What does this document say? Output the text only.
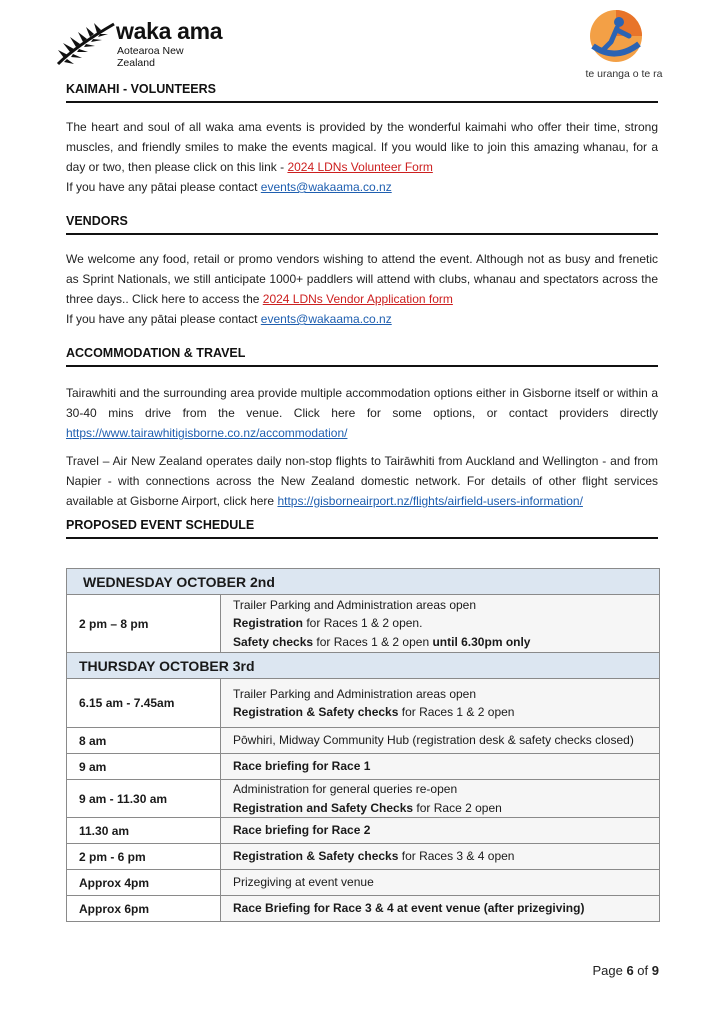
waka ama
Aotearoa New Zealand
te uranga o te ra
KAIMAHI - VOLUNTEERS

The heart and soul of all waka ama events is provided by the wonderful kaimahi who offer their time, strong muscles, and friendly smiles to make the events magical. If you would like to join this amazing whanau, for a day or two, then please click on this link - 2024 LDNs Volunteer Form
If you have any pātai please contact events@wakaama.co.nz

VENDORS

We welcome any food, retail or promo vendors wishing to attend the event. Although not as busy and frenetic as Sprint Nationals, we still anticipate 1000+ paddlers will attend with clubs, whanau and spectators across the three days.. Click here to access the 2024 LDNs Vendor Application form
If you have any pātai please contact events@wakaama.co.nz

ACCOMMODATION & TRAVEL

Tairawhiti and the surrounding area provide multiple accommodation options either in Gisborne itself or within a 30-40 mins drive from the venue. Click here for some options, or contact providers directly https://www.tairawhitigisborne.co.nz/accommodation/

Travel – Air New Zealand operates daily non-stop flights to Tairāwhiti from Auckland and Wellington - and from Napier - with connections across the New Zealand domestic network. For details of other flight services available at Gisborne Airport, click here https://gisborneairport.nz/flights/airfield-users-information/

PROPOSED EVENT SCHEDULE
WEDNESDAY OCTOBER 2nd	
2 pm – 8 pm	Trailer Parking and Administration areas open
Registration for Races 1 & 2 open.
Safety checks for Races 1 & 2 open until 6.30pm only
THURSDAY OCTOBER 3rd	
6.15 am - 7.45am	Trailer Parking and Administration areas open
Registration & Safety checks for Races 1 & 2 open
8 am	Pōwhiri, Midway Community Hub (registration desk & safety checks closed)
9 am	Race briefing for Race 1
9 am - 11.30 am	Administration for general queries re-open
Registration and Safety Checks for Race 2 open
11.30 am	Race briefing for Race 2
2 pm - 6 pm	Registration & Safety checks for Races 3 & 4 open
Approx 4pm	Prizegiving at event venue
Approx 6pm	Race Briefing for Race 3 & 4 at event venue (after prizegiving)
Page 6 of 9
